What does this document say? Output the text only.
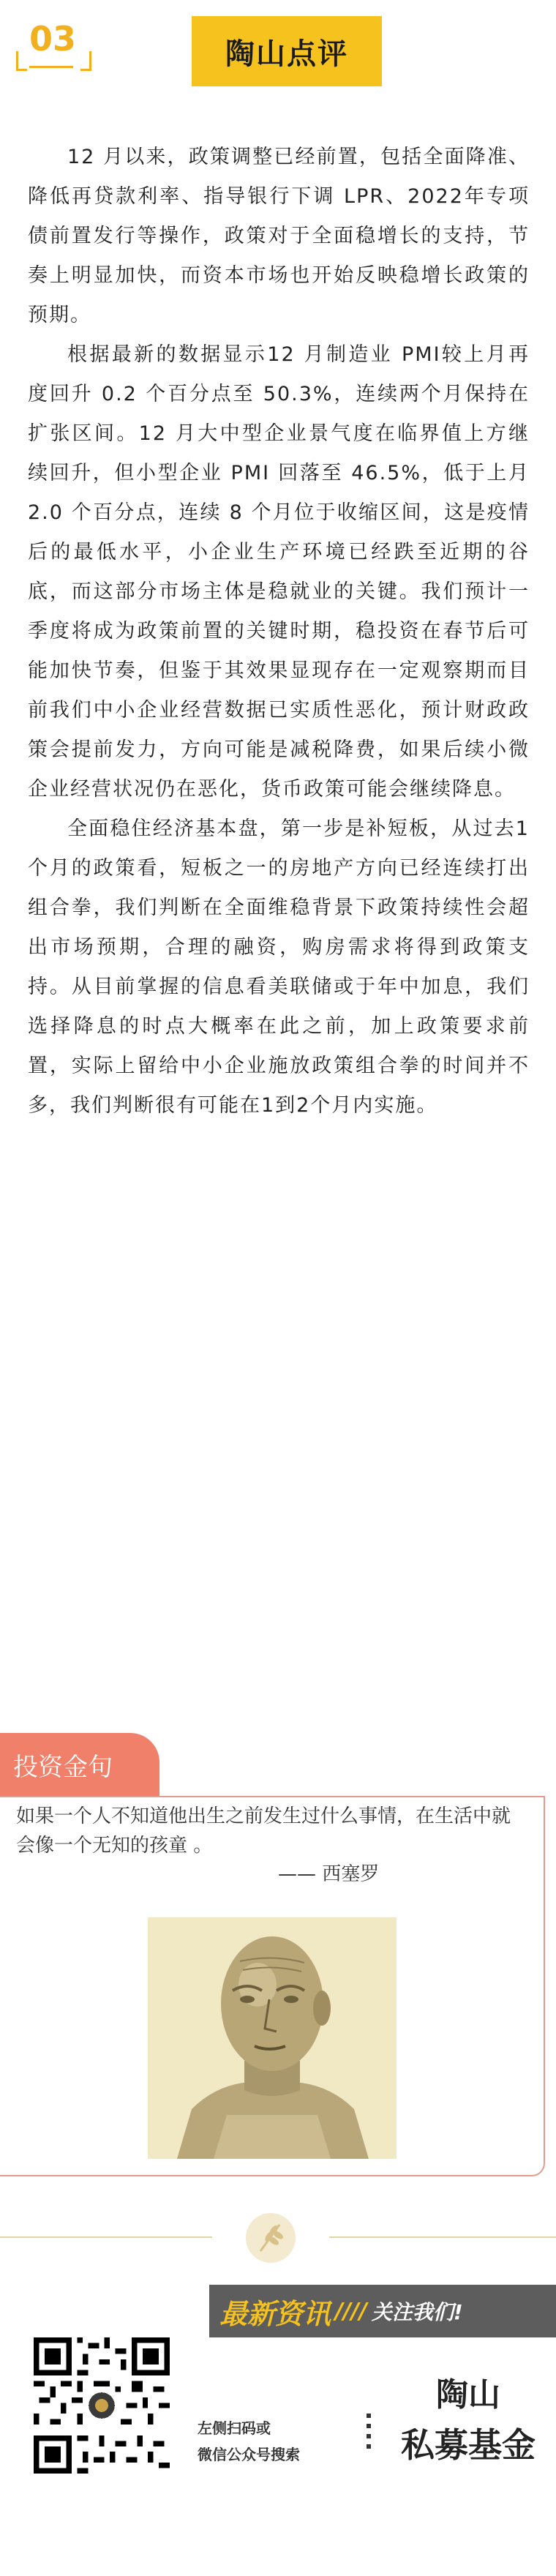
03	陶山点评

12 月以来，政策调整已经前置，包括全面降准、降低再贷款利率、指导银行下调 LPR、2022年专项债前置发行等操作，政策对于全面稳增长的支持，节奏上明显加快，而资本市场也开始反映稳增长政策的预期。

根据最新的数据显示12 月制造业 PMI较上月再度回升 0.2 个百分点至 50.3%，连续两个月保持在扩张区间。12 月大中型企业景气度在临界值上方继续回升，但小型企业 PMI 回落至 46.5%，低于上月2.0 个百分点，连续 8 个月位于收缩区间，这是疫情后的最低水平，小企业生产环境已经跌至近期的谷底，而这部分市场主体是稳就业的关键。我们预计一季度将成为政策前置的关键时期，稳投资在春节后可能加快节奏，但鉴于其效果显现存在一定观察期而目前我们中小企业经营数据已实质性恶化，预计财政政策会提前发力，方向可能是减税降费，如果后续小微企业经营状况仍在恶化，货币政策可能会继续降息。

全面稳住经济基本盘，第一步是补短板，从过去1个月的政策看，短板之一的房地产方向已经连续打出组合拳，我们判断在全面维稳背景下政策持续性会超出市场预期，合理的融资，购房需求将得到政策支持。从目前掌握的信息看美联储或于年中加息，我们选择降息的时点大概率在此之前，加上政策要求前置，实际上留给中小企业施放政策组合拳的时间并不多，我们判断很有可能在1到2个月内实施。

投资金句
如果一个人不知道他出生之前发生过什么事情，在生活中就会像一个无知的孩童 。
—— 西塞罗
最新资讯 //// 关注我们!
左侧扫码或
微信公众号搜索
陶山
私募基金
